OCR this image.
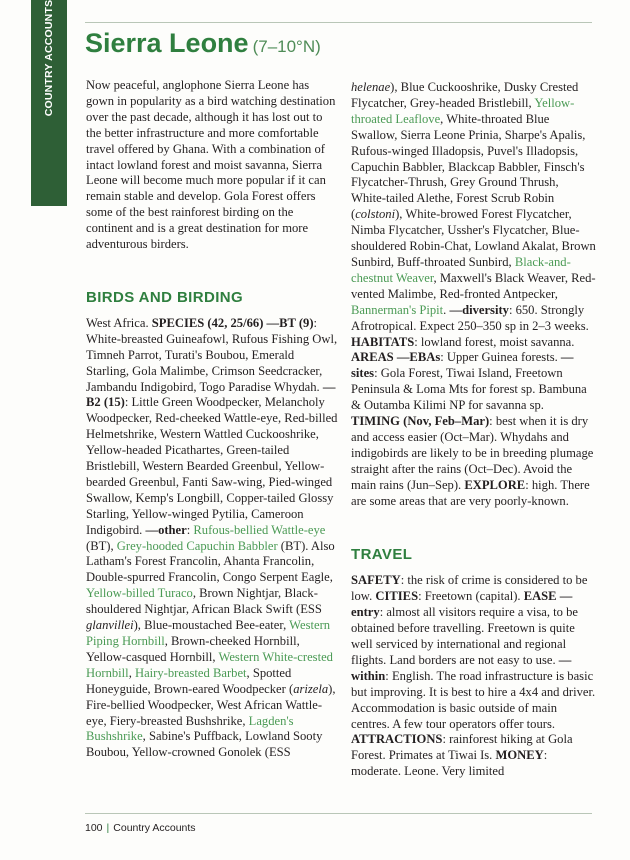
COUNTRY ACCOUNTS Sierra Leone (7–10°N)

Now peaceful, anglophone Sierra Leone has gown in popularity as a bird watching destination over the past decade, although it has lost out to the better infrastructure and more comfortable travel offered by Ghana. With a combination of intact lowland forest and moist savanna, Sierra Leone will become much more popular if it can remain stable and develop. Gola Forest offers some of the best rainforest birding on the continent and is a great destination for more adventurous birders.

BIRDS AND BIRDING

West Africa. SPECIES (42, 25/66) —BT (9): White-breasted Guineafowl, Rufous Fishing Owl, Timneh Parrot, Turati's Boubou, Emerald Starling, Gola Malimbe, Crimson Seedcracker, Jambandu Indigobird, Togo Paradise Whydah. —B2 (15): Little Green Woodpecker, Melancholy Woodpecker, Red-cheeked Wattle-eye, Red-billed Helmetshrike, Western Wattled Cuckooshrike, Yellow-headed Picathartes, Green-tailed Bristlebill, Western Bearded Greenbul, Yellow-bearded Greenbul, Fanti Saw-wing, Pied-winged Swallow, Kemp's Longbill, Copper-tailed Glossy Starling, Yellow-winged Pytilia, Cameroon Indigobird. —other: Rufous-bellied Wattle-eye (BT), Grey-hooded Capuchin Babbler (BT). Also Latham's Forest Francolin, Ahanta Francolin, Double-spurred Francolin, Congo Serpent Eagle, Yellow-billed Turaco, Brown Nightjar, Black-shouldered Nightjar, African Black Swift (ESS glanvillei), Blue-moustached Bee-eater, Western Piping Hornbill, Brown-cheeked Hornbill, Yellow-casqued Hornbill, Western White-crested Hornbill, Hairy-breasted Barbet, Spotted Honeyguide, Brown-eared Woodpecker (arizela), Fire-bellied Woodpecker, West African Wattle-eye, Fiery-breasted Bushshrike, Lagden's Bushshrike, Sabine's Puffback, Lowland Sooty Boubou, Yellow-crowned Gonolek (ESS

helenae), Blue Cuckooshrike, Dusky Crested Flycatcher, Grey-headed Bristlebill, Yellow-throated Leaflove, White-throated Blue Swallow, Sierra Leone Prinia, Sharpe's Apalis, Rufous-winged Illadopsis, Puvel's Illadopsis, Capuchin Babbler, Blackcap Babbler, Finsch's Flycatcher-Thrush, Grey Ground Thrush, White-tailed Alethe, Forest Scrub Robin (colstoni), White-browed Forest Flycatcher, Nimba Flycatcher, Ussher's Flycatcher, Blue-shouldered Robin-Chat, Lowland Akalat, Brown Sunbird, Buff-throated Sunbird, Black-and-chestnut Weaver, Maxwell's Black Weaver, Red-vented Malimbe, Red-fronted Antpecker, Bannerman's Pipit. —diversity: 650. Strongly Afrotropical. Expect 250–350 sp in 2–3 weeks. HABITATS: lowland forest, moist savanna. AREAS —EBAs: Upper Guinea forests. —sites: Gola Forest, Tiwai Island, Freetown Peninsula & Loma Mts for forest sp. Bambuna & Outamba Kilimi NP for savanna sp. TIMING (Nov, Feb–Mar): best when it is dry and access easier (Oct–Mar). Whydahs and indigobirds are likely to be in breeding plumage straight after the rains (Oct–Dec). Avoid the main rains (Jun–Sep). EXPLORE: high. There are some areas that are very poorly-known.

TRAVEL

SAFETY: the risk of crime is considered to be low. CITIES: Freetown (capital). EASE —entry: almost all visitors require a visa, to be obtained before travelling. Freetown is quite well serviced by international and regional flights. Land borders are not easy to use. —within: English. The road infrastructure is basic but improving. It is best to hire a 4x4 and driver. Accommodation is basic outside of main centres. A few tour operators offer tours. ATTRACTIONS: rainforest hiking at Gola Forest. Primates at Tiwai Is. MONEY: moderate. Leone. Very limited

100 | Country Accounts
